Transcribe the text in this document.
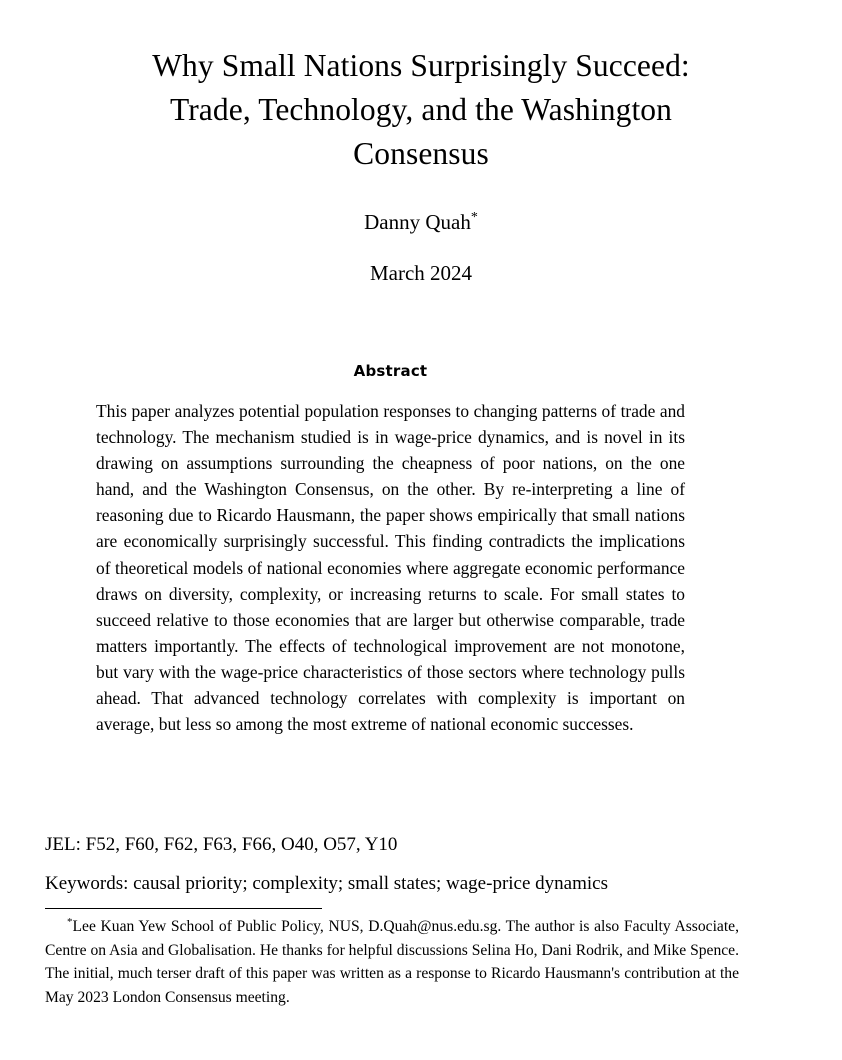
Why Small Nations Surprisingly Succeed:
Trade, Technology, and the Washington
Consensus
Danny Quah*
March 2024
Abstract

This paper analyzes potential population responses to changing patterns of trade and technology. The mechanism studied is in wage-price dynamics, and is novel in its drawing on assumptions surrounding the cheapness of poor nations, on the one hand, and the Washington Consensus, on the other. By re-interpreting a line of reasoning due to Ricardo Hausmann, the paper shows empirically that small nations are economically surprisingly successful. This finding contradicts the implications of theoretical models of national economies where aggregate economic performance draws on diversity, complexity, or increasing returns to scale. For small states to succeed relative to those economies that are larger but otherwise comparable, trade matters importantly. The effects of technological improvement are not monotone, but vary with the wage-price characteristics of those sectors where technology pulls ahead. That advanced technology correlates with complexity is important on average, but less so among the most extreme of national economic successes.

JEL: F52, F60, F62, F63, F66, O40, O57, Y10
Keywords: causal priority; complexity; small states; wage-price dynamics

*Lee Kuan Yew School of Public Policy, NUS, D.Quah@nus.edu.sg. The author is also Faculty Associate, Centre on Asia and Globalisation. He thanks for helpful discussions Selina Ho, Dani Rodrik, and Mike Spence. The initial, much terser draft of this paper was written as a response to Ricardo Hausmann's contribution at the May 2023 London Consensus meeting.
